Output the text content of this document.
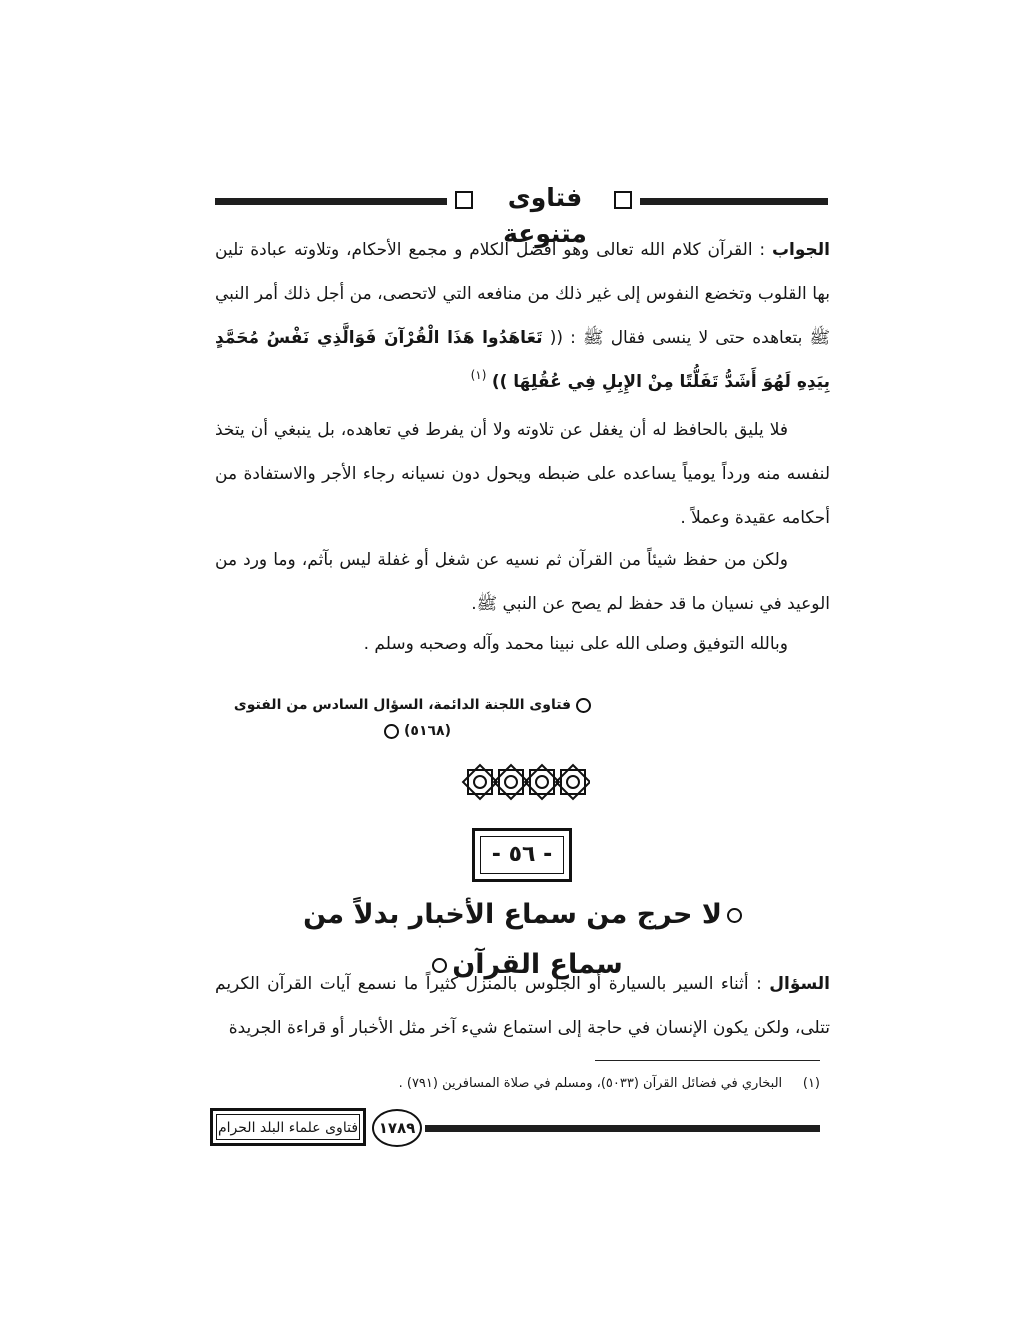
فتاوى متنوعة
الجواب : القرآن كلام الله تعالى وهو أفضل الكلام و مجمع الأحكام، وتلاوته عبادة تلين بها القلوب وتخضع النفوس إلى غير ذلك من منافعه التي لاتحصى، من أجل ذلك أمر النبي ﷺ بتعاهده حتى لا ينسى فقال ﷺ : (( تَعَاهَدُوا هَذَا الْقُرْآنَ فَوَالَّذِي نَفْسُ مُحَمَّدٍ بِيَدِهِ لَهُوَ أَشَدُّ تَفَلُّتًا مِنْ الإِبِلِ فِي عُقُلِهَا )) $^{(١)}$
فلا يليق بالحافظ له أن يغفل عن تلاوته ولا أن يفرط في تعاهده، بل ينبغي أن يتخذ لنفسه منه ورداً يومياً يساعده على ضبطه ويحول دون نسيانه رجاء الأجر والاستفادة من أحكامه عقيدة وعملاً .
ولكن من حفظ شيئاً من القرآن ثم نسيه عن شغل أو غفلة ليس بآثم، وما ورد من الوعيد في نسيان ما قد حفظ لم يصح عن النبي ﷺ.
وبالله التوفيق وصلى الله على نبينا محمد وآله وصحبه وسلم .
فتاوى اللجنة الدائمة، السؤال السادس من الفتوى (٥١٦٨)
- ٥٦ -
لا حرج من سماع الأخبار بدلاً من سماع القرآن
السؤال : أثناء السير بالسيارة أو الجلوس بالمنزل كثيراً ما نسمع آيات القرآن الكريم تتلى، ولكن يكون الإنسان في حاجة إلى استماع شيء آخر مثل الأخبار أو قراءة الجريدة
(١)     البخاري في فضائل القرآن (٥٠٣٣)، ومسلم في صلاة المسافرين (٧٩١) .
١٧٨٩
فتاوى علماء البلد الحرام
